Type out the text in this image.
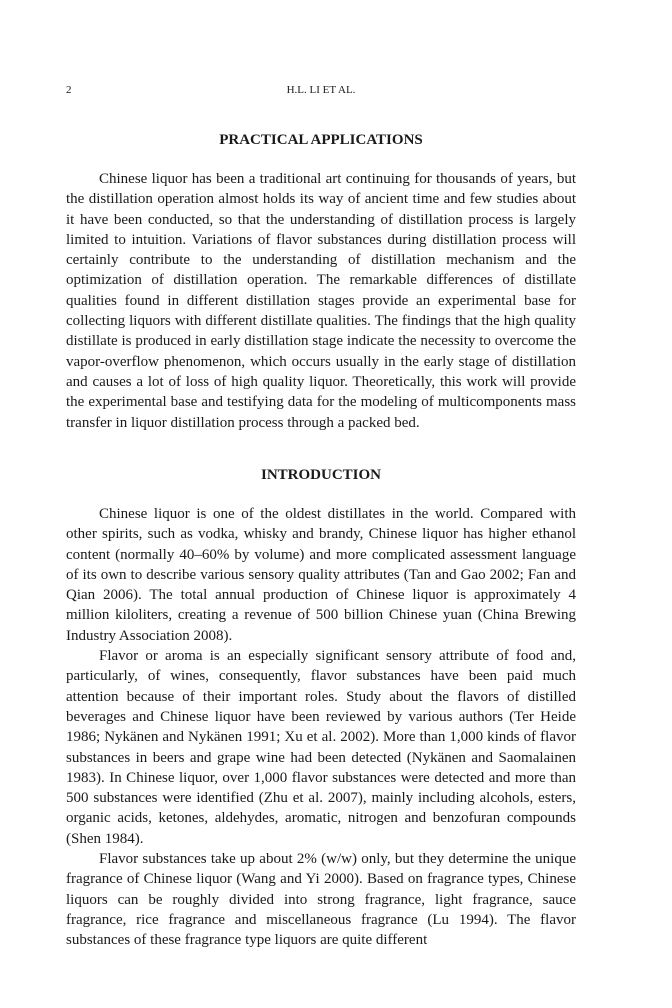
2	H.L. LI ET AL.
PRACTICAL APPLICATIONS

Chinese liquor has been a traditional art continuing for thousands of years, but the distillation operation almost holds its way of ancient time and few studies about it have been conducted, so that the understanding of distillation process is largely limited to intuition. Variations of flavor substances during distillation process will certainly contribute to the understanding of distillation mechanism and the optimization of distillation operation. The remarkable differences of distillate qualities found in different distillation stages provide an experimental base for collecting liquors with different distillate qualities. The findings that the high quality distillate is produced in early distillation stage indicate the necessity to overcome the vapor-overflow phenomenon, which occurs usually in the early stage of distillation and causes a lot of loss of high quality liquor. Theoretically, this work will provide the experimental base and testifying data for the modeling of multicomponents mass transfer in liquor distillation process through a packed bed.

INTRODUCTION

Chinese liquor is one of the oldest distillates in the world. Compared with other spirits, such as vodka, whisky and brandy, Chinese liquor has higher ethanol content (normally 40–60% by volume) and more complicated assessment language of its own to describe various sensory quality attributes (Tan and Gao 2002; Fan and Qian 2006). The total annual production of Chinese liquor is approximately 4 million kiloliters, creating a revenue of 500 billion Chinese yuan (China Brewing Industry Association 2008).

Flavor or aroma is an especially significant sensory attribute of food and, particularly, of wines, consequently, flavor substances have been paid much attention because of their important roles. Study about the flavors of distilled beverages and Chinese liquor have been reviewed by various authors (Ter Heide 1986; Nykänen and Nykänen 1991; Xu et al. 2002). More than 1,000 kinds of flavor substances in beers and grape wine had been detected (Nykänen and Saomalainen 1983). In Chinese liquor, over 1,000 flavor substances were detected and more than 500 substances were identified (Zhu et al. 2007), mainly including alcohols, esters, organic acids, ketones, aldehydes, aromatic, nitrogen and benzofuran compounds (Shen 1984).

Flavor substances take up about 2% (w/w) only, but they determine the unique fragrance of Chinese liquor (Wang and Yi 2000). Based on fragrance types, Chinese liquors can be roughly divided into strong fragrance, light fragrance, sauce fragrance, rice fragrance and miscellaneous fragrance (Lu 1994). The flavor substances of these fragrance type liquors are quite different
